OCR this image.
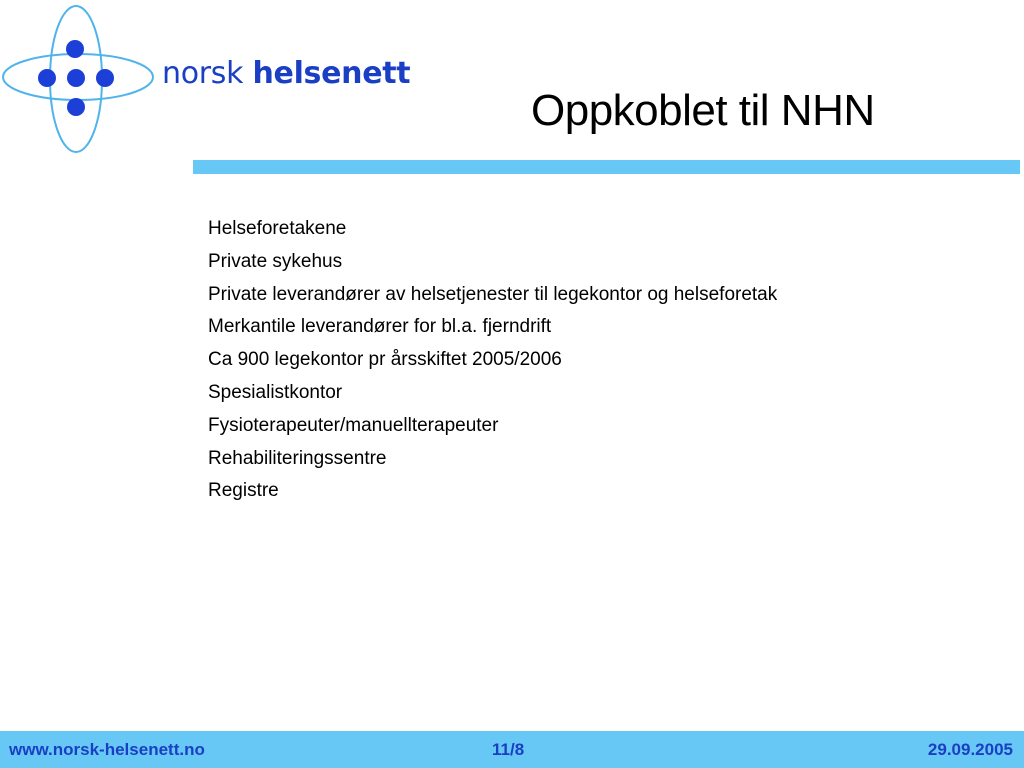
norsk helsenett
Oppkoblet til NHN
Helseforetakene
Private sykehus
Private leverandører av helsetjenester til legekontor og helseforetak
Merkantile leverandører for bl.a. fjerndrift
Ca 900 legekontor pr årsskiftet 2005/2006
Spesialistkontor
Fysioterapeuter/manuellterapeuter
Rehabiliteringssentre
Registre
www.norsk-helsenett.no	11/8	29.09.2005
